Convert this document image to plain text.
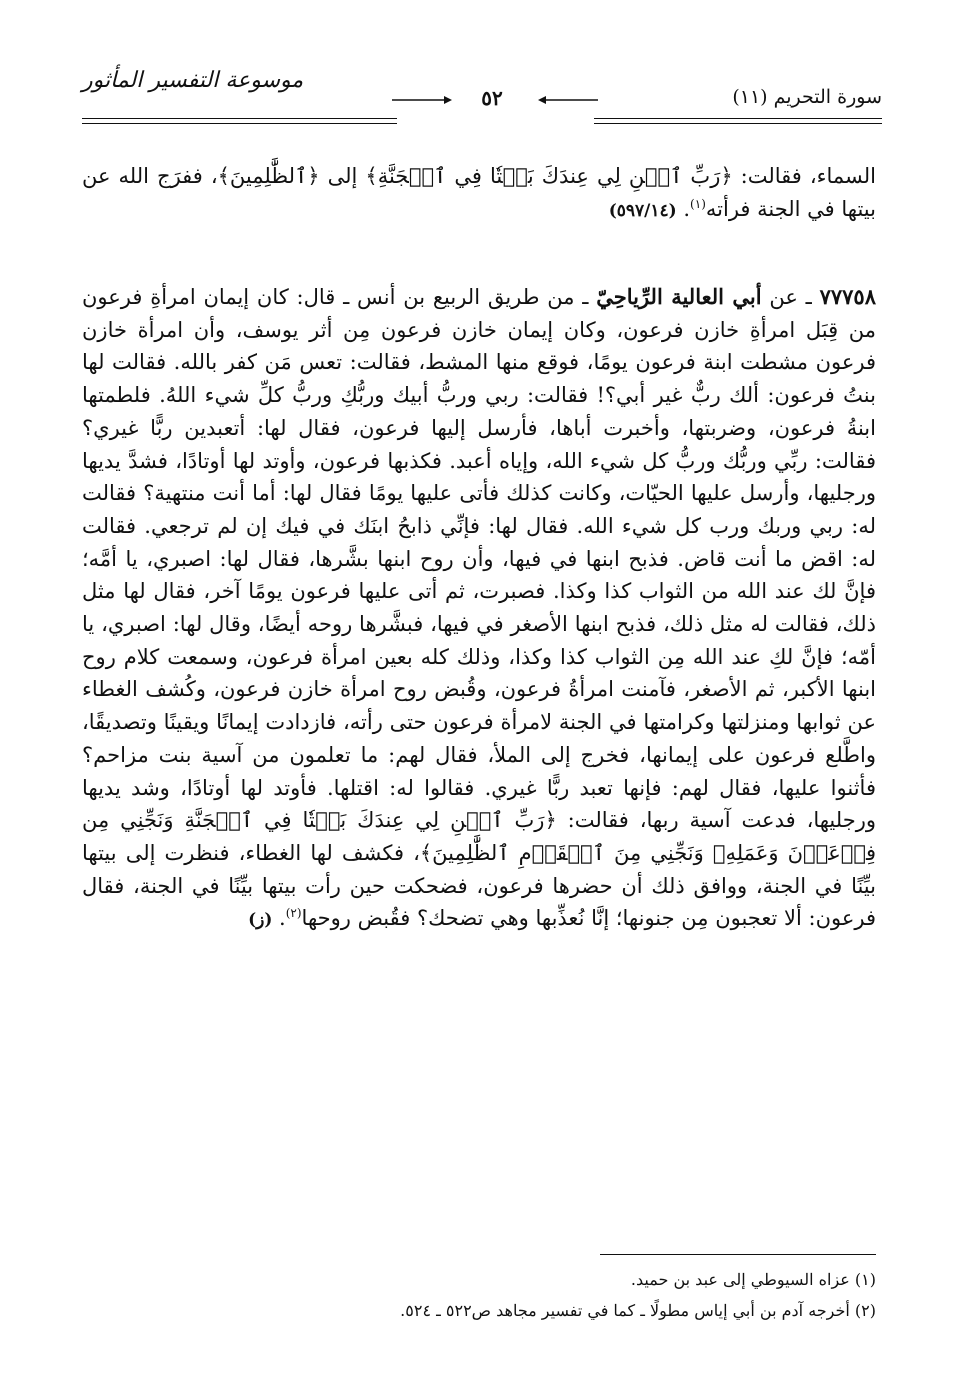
موسوعة التفسير المأثور
٥٢	سورة التحريم (١١)
السماء، فقالت: ﴿رَبِّ ٱبۡنِ لِي عِندَكَ بَيۡتٗا فِي ٱلۡجَنَّةِ﴾ إلى ﴿ٱلظَّٰلِمِينَ﴾، ففرَج الله عن بيتها في الجنة فرأته$^{(١)}$. (٥٩٧/١٤)
٧٧٧٥٨ ـ عن أبي العالية الرِّياحِيّ ـ من طريق الربيع بن أنس ـ قال: كان إيمان امرأةِ فرعون من قِبَل امرأةِ خازن فرعون، وكان إيمان خازن فرعون مِن أثر يوسف، وأن امرأة خازن فرعون مشطت ابنة فرعون يومًا، فوقع منها المشط، فقالت: تعس مَن كفر بالله. فقالت لها بنتُ فرعون: ألك ربٌّ غير أبي؟! فقالت: ربي وربُّ أبيك وربُّكِ وربُّ كلِّ شيء اللهُ. فلطمتها ابنةُ فرعون، وضربتها، وأخبرت أباها، فأرسل إليها فرعون، فقال لها: أتعبدين ربًّا غيري؟ فقالت: ربِّي وربُّك وربُّ كل شيء الله، وإياه أعبد. فكذبها فرعون، وأوتد لها أوتادًا، فشدَّ يديها ورجليها، وأرسل عليها الحيّات، وكانت كذلك فأتى عليها يومًا فقال لها: أما أنت منتهية؟ فقالت له: ربي وربك ورب كل شيء الله. فقال لها: فإنِّي ذابحُ ابنَك في فيك إن لم ترجعي. فقالت له: اقض ما أنت قاض. فذبح ابنها في فيها، وأن روح ابنها بشَّرها، فقال لها: اصبري، يا أمَّه؛ فإنَّ لك عند الله من الثواب كذا وكذا. فصبرت، ثم أتى عليها فرعون يومًا آخر، فقال لها مثل ذلك، فقالت له مثل ذلك، فذبح ابنها الأصغر في فيها، فبشَّرها روحه أيضًا، وقال لها: اصبري، يا أمّه؛ فإنَّ لكِ عند الله مِن الثواب كذا وكذا، وذلك كله بعين امرأة فرعون، وسمعت كلام روح ابنها الأكبر، ثم الأصغر، فآمنت امرأةُ فرعون، وقُبض روح امرأة خازن فرعون، وكُشف الغطاء عن ثوابها ومنزلتها وكرامتها في الجنة لامرأة فرعون حتى رأته، فازدادت إيمانًا ويقينًا وتصديقًا، واطَّلع فرعون على إيمانها، فخرج إلى الملأ، فقال لهم: ما تعلمون من آسية بنت مزاحم؟ فأثنوا عليها، فقال لهم: فإنها تعبد ربًّا غيري. فقالوا له: اقتلها. فأوتد لها أوتادًا، وشد يديها ورجليها، فدعت آسية ربها، فقالت: ﴿رَبِّ ٱبۡنِ لِي عِندَكَ بَيۡتٗا فِي ٱلۡجَنَّةِ وَنَجِّنِي مِن فِرۡعَوۡنَ وَعَمَلِهِۦ وَنَجِّنِي مِنَ ٱلۡقَوۡمِ ٱلظَّٰلِمِينَ﴾، فكشف لها الغطاء، فنظرت إلى بيتها بيِّنًا في الجنة، ووافق ذلك أن حضرها فرعون، فضحكت حين رأت بيتها بيِّنًا في الجنة، فقال فرعون: ألا تعجبون مِن جنونها؛ إنَّا نُعذِّبها وهي تضحك؟ فقُبض روحها$^{(٢)}$. (ز)
(١) عزاه السيوطي إلى عبد بن حميد.
(٢) أخرجه آدم بن أبي إياس مطولًا ـ كما في تفسير مجاهد ص٥٢٢ ـ ٥٢٤.
